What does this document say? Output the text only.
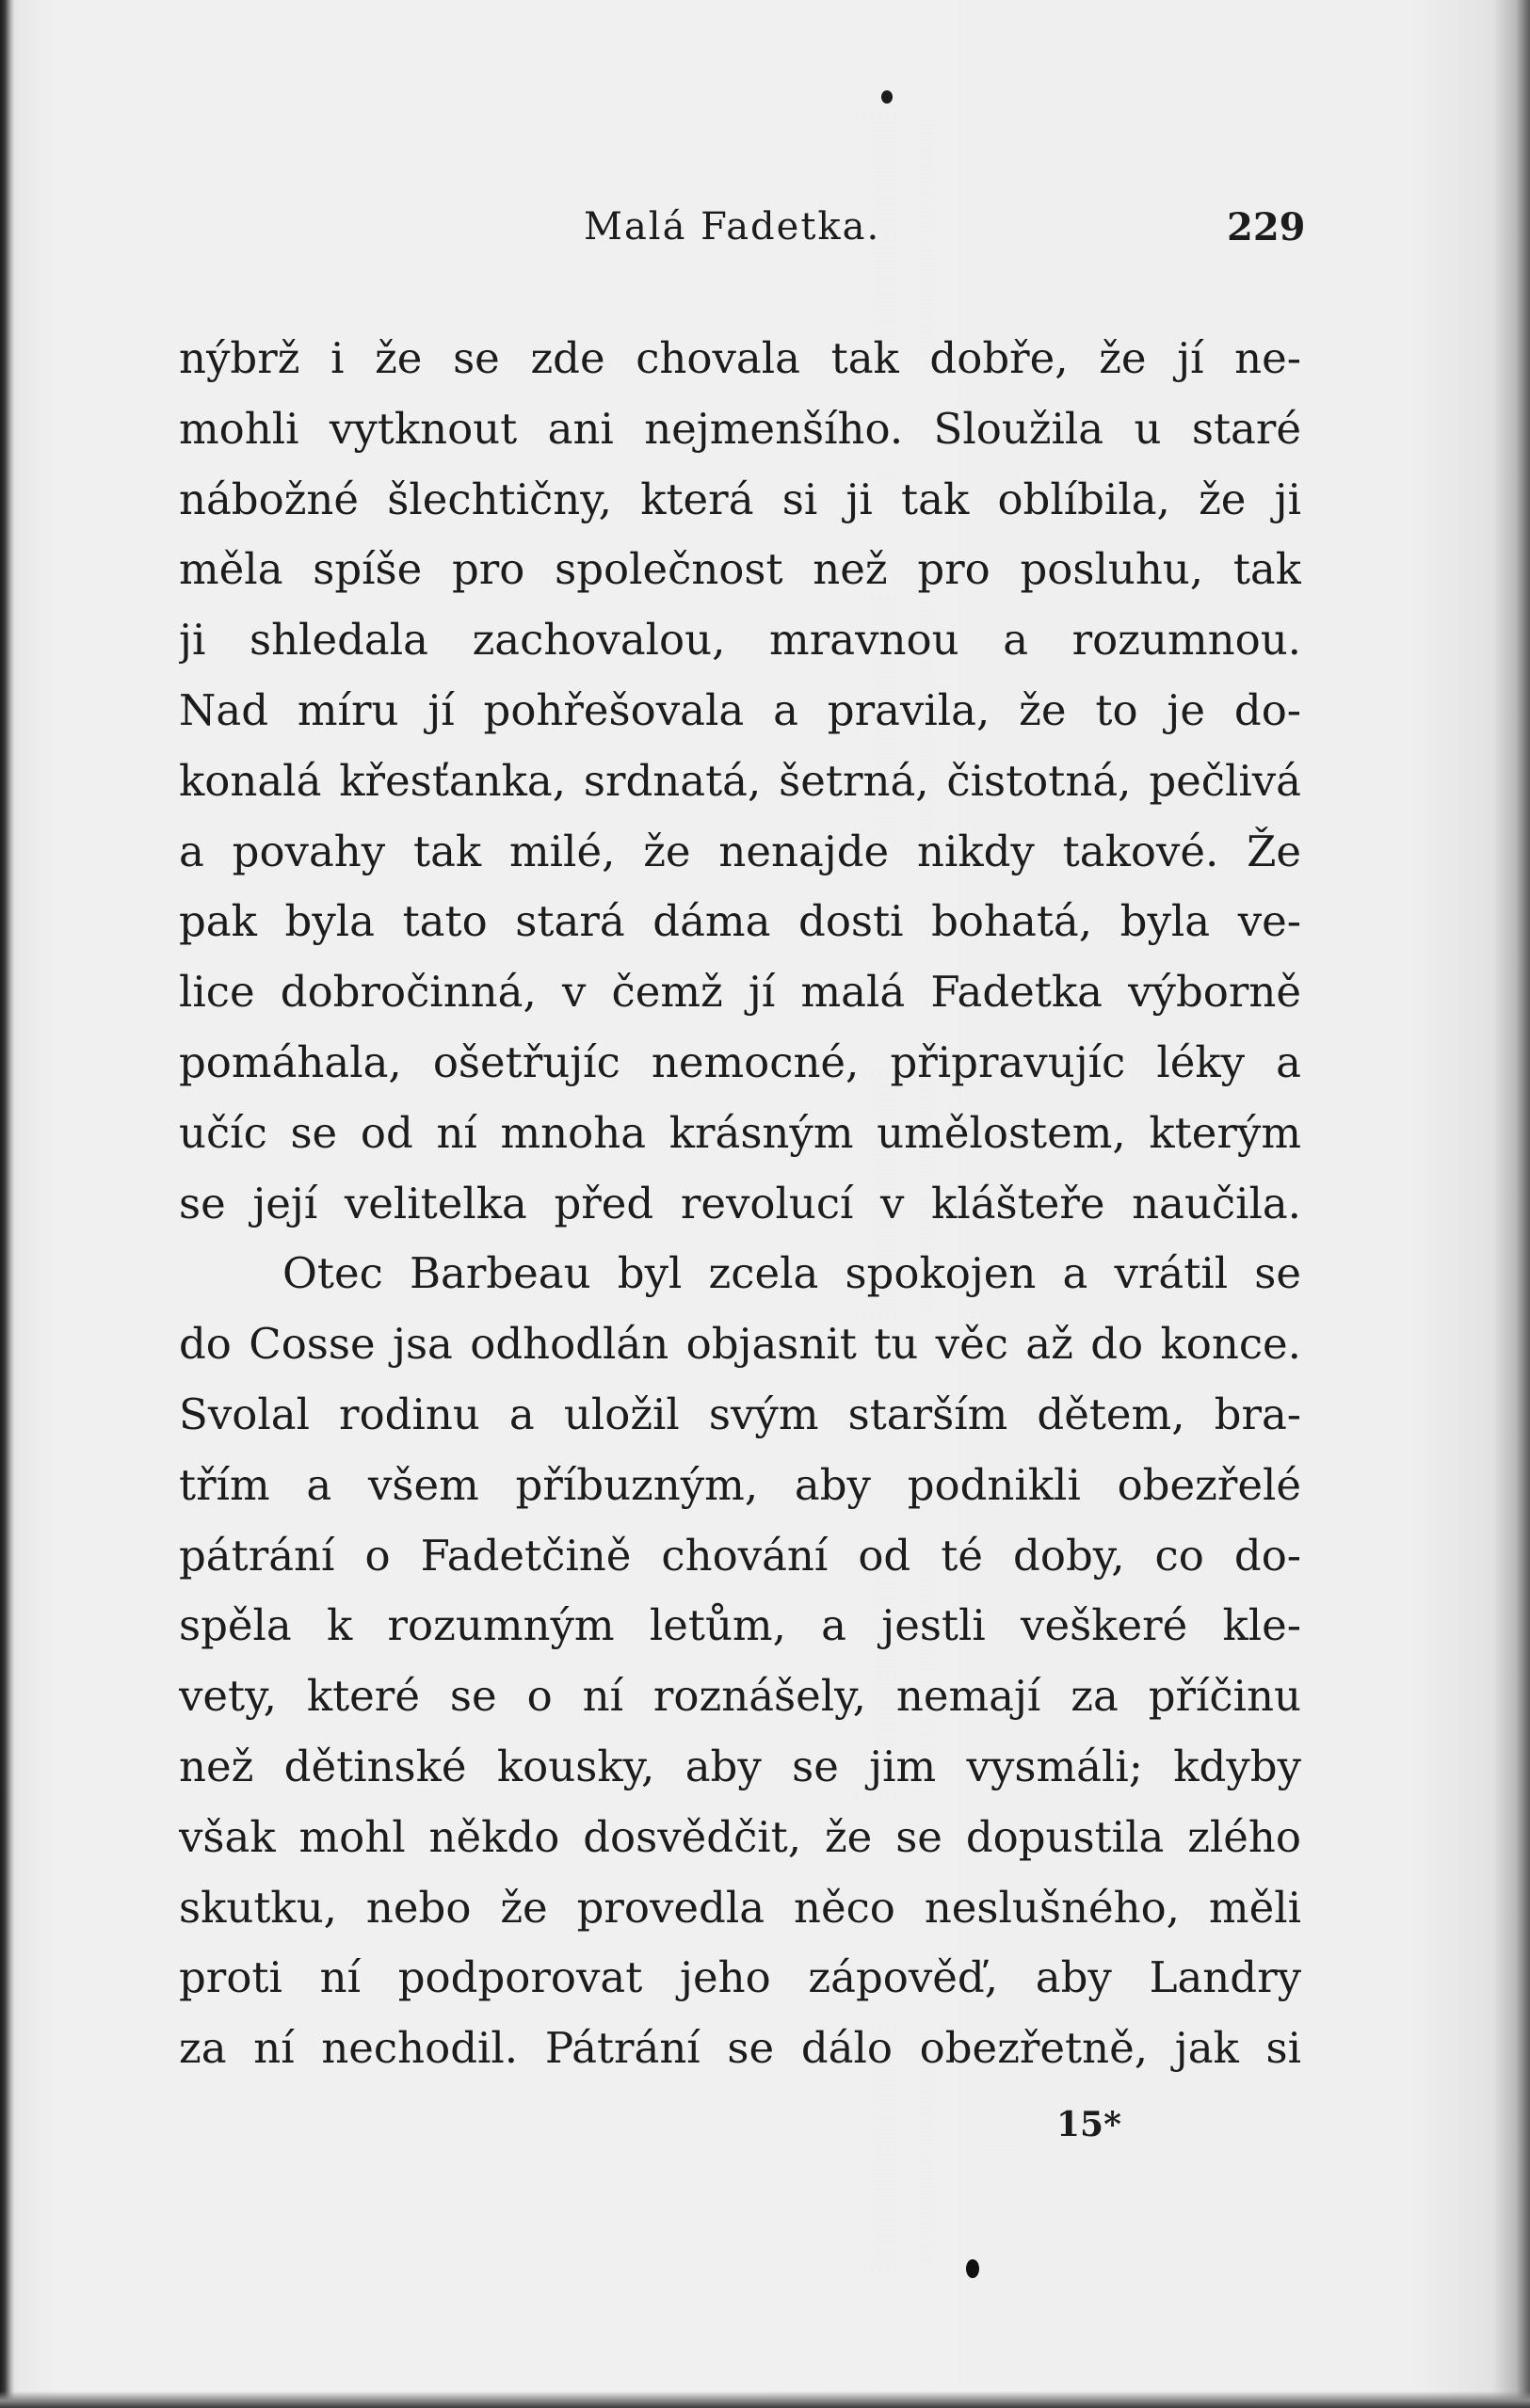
Malá Fadetka.	229
nýbrž i že se zde chovala tak dobře, že jí ne-
mohli vytknout ani nejmenšího. Sloužila u staré
nábožné šlechtičny, která si ji tak oblíbila, že ji
měla spíše pro společnost než pro posluhu, tak
ji shledala zachovalou, mravnou a rozumnou.
Nad míru jí pohřešovala a pravila, že to je do-
konalá křesťanka, srdnatá, šetrná, čistotná, pečlivá
a povahy tak milé, že nenajde nikdy takové. Že
pak byla tato stará dáma dosti bohatá, byla ve-
lice dobročinná, v čemž jí malá Fadetka výborně
pomáhala, ošetřujíc nemocné, připravujíc léky a
učíc se od ní mnoha krásným umělostem, kterým
se její velitelka před revolucí v klášteře naučila.
Otec Barbeau byl zcela spokojen a vrátil se
do Cosse jsa odhodlán objasnit tu věc až do konce.
Svolal rodinu a uložil svým starším dětem, bra-
třím a všem příbuzným, aby podnikli obezřelé
pátrání o Fadetčině chování od té doby, co do-
spěla k rozumným letům, a jestli veškeré kle-
vety, které se o ní roznášely, nemají za příčinu
než dětinské kousky, aby se jim vysmáli; kdyby
však mohl někdo dosvědčit, že se dopustila zlého
skutku, nebo že provedla něco neslušného, měli
proti ní podporovat jeho zápověď, aby Landry
za ní nechodil. Pátrání se dálo obezřetně, jak si
15*
